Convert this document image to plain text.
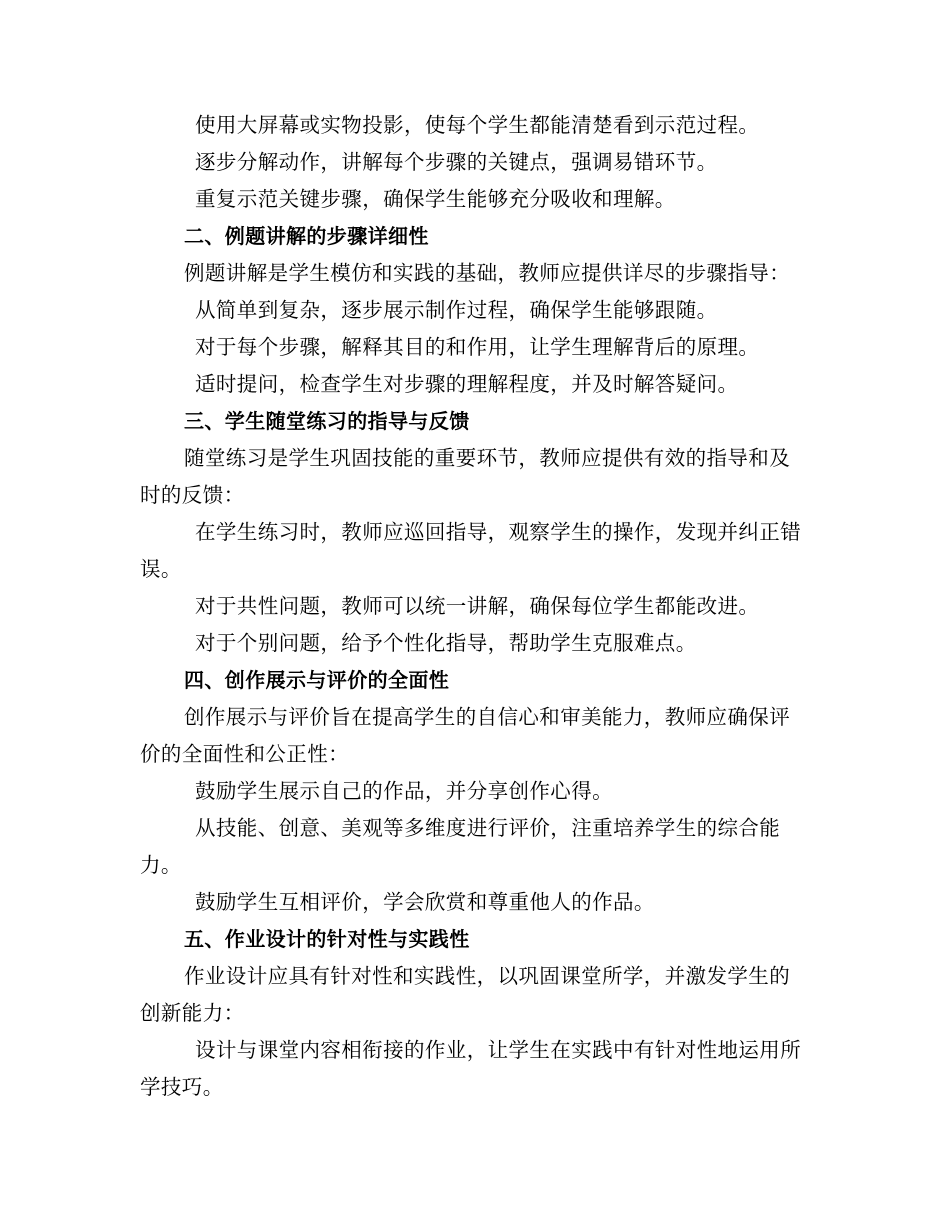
使用大屏幕或实物投影，使每个学生都能清楚看到示范过程。

逐步分解动作，讲解每个步骤的关键点，强调易错环节。

重复示范关键步骤，确保学生能够充分吸收和理解。

二、例题讲解的步骤详细性

例题讲解是学生模仿和实践的基础，教师应提供详尽的步骤指导：

从简单到复杂，逐步展示制作过程，确保学生能够跟随。

对于每个步骤，解释其目的和作用，让学生理解背后的原理。

适时提问，检查学生对步骤的理解程度，并及时解答疑问。

三、学生随堂练习的指导与反馈

随堂练习是学生巩固技能的重要环节，教师应提供有效的指导和及时的反馈：

在学生练习时，教师应巡回指导，观察学生的操作，发现并纠正错误。

对于共性问题，教师可以统一讲解，确保每位学生都能改进。

对于个别问题，给予个性化指导，帮助学生克服难点。

四、创作展示与评价的全面性

创作展示与评价旨在提高学生的自信心和审美能力，教师应确保评价的全面性和公正性：

鼓励学生展示自己的作品，并分享创作心得。

从技能、创意、美观等多维度进行评价，注重培养学生的综合能力。

鼓励学生互相评价，学会欣赏和尊重他人的作品。

五、作业设计的针对性与实践性

作业设计应具有针对性和实践性，以巩固课堂所学，并激发学生的创新能力：

设计与课堂内容相衔接的作业，让学生在实践中有针对性地运用所学技巧。
